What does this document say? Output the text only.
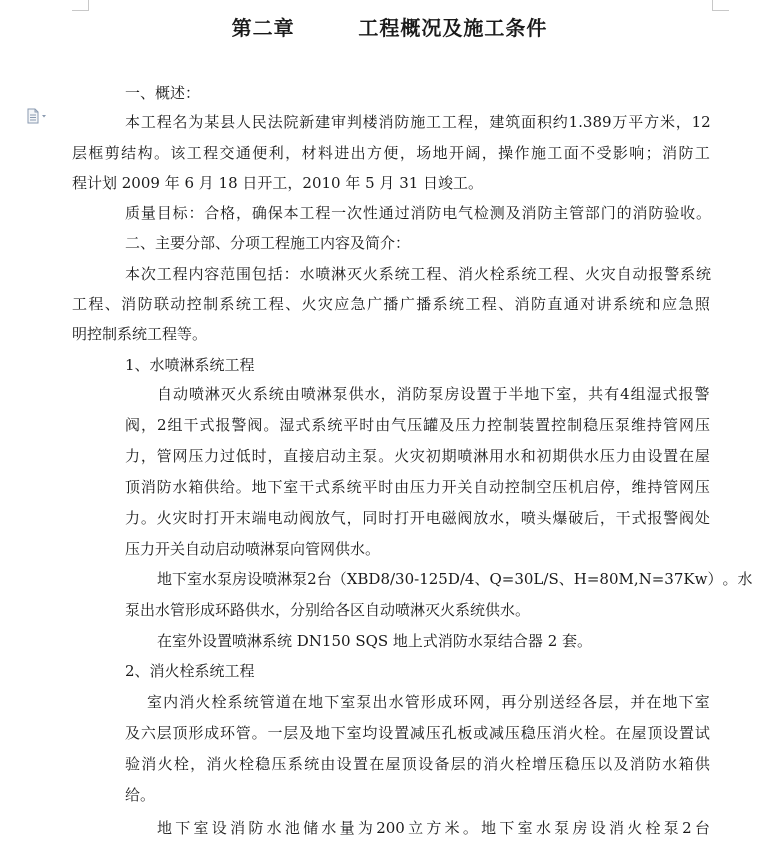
第二章        工程概况及施工条件
一、概述：
本 工 程 名 为 某 县 人 民 法 院 新 建 审 判 楼 消 防 施 工 工 程 ， 建 筑 面 积 约 1.389 万 平 方 米 ， 12
层 框 剪 结 构 。 该 工 程 交 通 便 利 ， 材 料 进 出 方 便 ， 场 地 开 阔 ， 操 作 施 工 面 不 受 影 响 ； 消 防 工
程计划 2009 年 6 月 18 日开工，2010 年 5 月 31 日竣工。
质 量 目 标 ： 合 格 ， 确 保 本 工 程 一 次 性 通 过 消 防 电 气 检 测 及 消 防 主 管 部 门 的 消 防 验 收 。
二、主要分部、分项工程施工内容及简介：
本 次 工 程 内 容 范 围 包 括 ： 水 喷 淋 灭 火 系 统 工 程 、 消 火 栓 系 统 工 程 、 火 灾 自 动 报 警 系 统
工 程 、 消 防 联 动 控 制 系 统 工 程 、 火 灾 应 急 广 播 广 播 系 统 工 程 、 消 防 直 通 对 讲 系 统 和 应 急 照
明控制系统工程等。
1、水喷淋系统工程
自 动 喷 淋 灭 火 系 统 由 喷 淋 泵 供 水 ， 消 防 泵 房 设 置 于 半 地 下 室 ， 共 有 4 组 湿 式 报 警
阀 ， 2 组 干 式 报 警 阀 。 湿 式 系 统 平 时 由 气 压 罐 及 压 力 控 制 装 置 控 制 稳 压 泵 维 持 管 网 压
力 ， 管 网 压 力 过 低 时 ， 直 接 启 动 主 泵 。 火 灾 初 期 喷 淋 用 水 和 初 期 供 水 压 力 由 设 置 在 屋
顶 消 防 水 箱 供 给 。 地 下 室 干 式 系 统 平 时 由 压 力 开 关 自 动 控 制 空 压 机 启 停 ， 维 持 管 网 压
力 。 火 灾 时 打 开 末 端 电 动 阀 放 气 ， 同 时 打 开 电 磁 阀 放 水 ， 喷 头 爆 破 后 ， 干 式 报 警 阀 处
压力开关自动启动喷淋泵向管网供水。
地 下 室 水 泵 房 设 喷 淋 泵 2 台 （ XBD8/30-125D/4 、 Q=30L/S 、 H=80M,N=37Kw ） 。 水
泵出水管形成环路供水，分别给各区自动喷淋灭火系统供水。
在室外设置喷淋系统 DN150 SQS 地上式消防水泵结合器 2 套。
2、消火栓系统工程
室 内 消 火 栓 系 统 管 道 在 地 下 室 泵 出 水 管 形 成 环 网 ， 再 分 别 送 经 各 层 ， 并 在 地 下 室
及 六 层 顶 形 成 环 管 。 一 层 及 地 下 室 均 设 置 减 压 孔 板 或 减 压 稳 压 消 火 栓 。 在 屋 顶 设 置 试
验 消 火 栓 ， 消 火 栓 稳 压 系 统 由 设 置 在 屋 顶 设 备 层 的 消 火 栓 增 压 稳 压 以 及 消 防 水 箱 供
给。
地 下 室 设 消 防 水 池 储 水 量 为 200 立 方 米 。 地 下 室 水 泵 房 设 消 火 栓 泵 2 台
